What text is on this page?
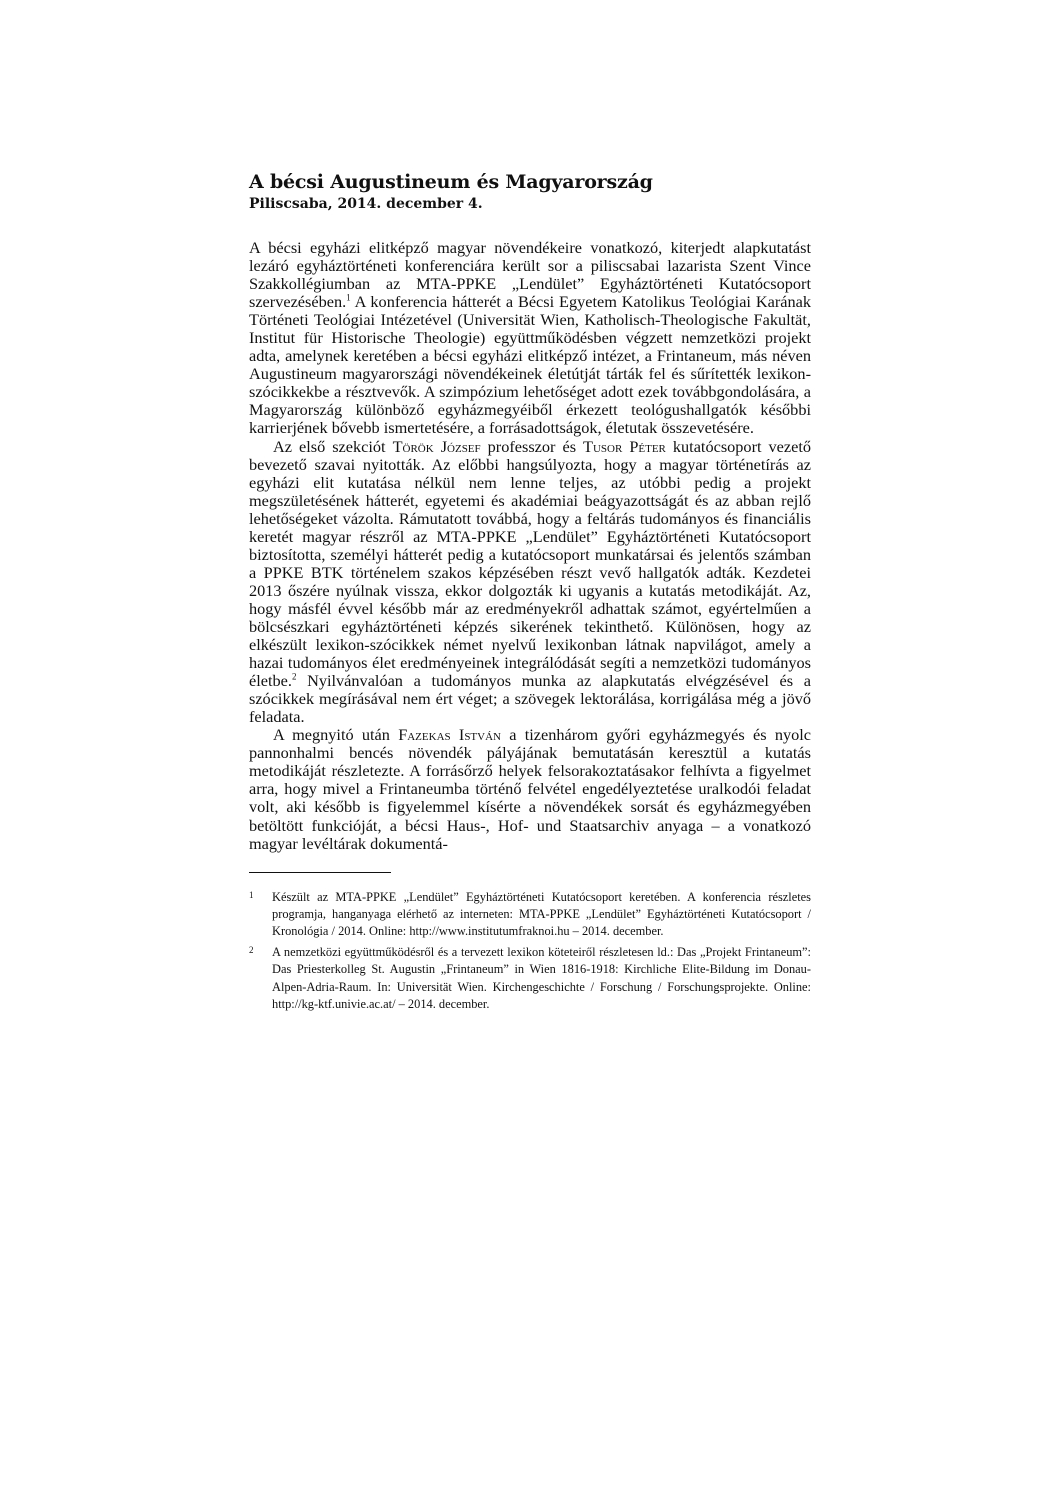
A bécsi Augustineum és Magyarország
Piliscsaba, 2014. december 4.

A bécsi egyházi elitképző magyar növendékeire vonatkozó, kiterjedt alapkutatást lezáró egyháztörténeti konferenciára került sor a piliscsabai lazarista Szent Vince Szakkollégiumban az MTA-PPKE „Lendület” Egyháztörténeti Kutatócsoport szervezésében.$^1$ A konferencia hátterét a Bécsi Egyetem Katolikus Teológiai Karának Történeti Teológiai Intézetével (Universität Wien, Katholisch-Theologische Fakultät, Institut für Historische Theologie) együttműködésben végzett nemzetközi projekt adta, amelynek keretében a bécsi egyházi elitképző intézet, a Frintaneum, más néven Augustineum magyarországi növendékeinek életútját tárták fel és sűrítették lexikon-szócikkekbe a résztvevők. A szimpózium lehetőséget adott ezek továbbgondolására, a Magyarország különböző egyházmegyéiből érkezett teológushallgatók későbbi karrierjének bővebb ismertetésére, a forrásadottságok, életutak összevetésére.

Az első szekciót Török József professzor és Tusor Péter kutatócsoport vezető bevezető szavai nyitották. Az előbbi hangsúlyozta, hogy a magyar történetírás az egyházi elit kutatása nélkül nem lenne teljes, az utóbbi pedig a projekt megszületésének hátterét, egyetemi és akadémiai beágyazottságát és az abban rejlő lehetőségeket vázolta. Rámutatott továbbá, hogy a feltárás tudományos és financiális keretét magyar részről az MTA-PPKE „Lendület” Egyháztörténeti Kutatócsoport biztosította, személyi hátterét pedig a kutatócsoport munkatársai és jelentős számban a PPKE BTK történelem szakos képzésében részt vevő hallgatók adták. Kezdetei 2013 őszére nyúlnak vissza, ekkor dolgozták ki ugyanis a kutatás metodikáját. Az, hogy másfél évvel később már az eredményekről adhattak számot, egyértelműen a bölcsészkari egyháztörténeti képzés sikerének tekinthető. Különösen, hogy az elkészült lexikon-szócikkek német nyelvű lexikonban látnak napvilágot, amely a hazai tudományos élet eredményeinek integrálódását segíti a nemzetközi tudományos életbe.$^2$ Nyilvánvalóan a tudományos munka az alapkutatás elvégzésével és a szócikkek megírásával nem ért véget; a szövegek lektorálása, korrigálása még a jövő feladata.

A megnyitó után Fazekas István a tizenhárom győri egyházmegyés és nyolc pannonhalmi bencés növendék pályájának bemutatásán keresztül a kutatás metodikáját részletezte. A forrásőrző helyek felsorakoztatásakor felhívta a figyelmet arra, hogy mivel a Frintaneumba történő felvétel engedélyeztetése uralkodói feladat volt, aki később is figyelemmel kísérte a növendékek sorsát és egyházmegyében betöltött funkcióját, a bécsi Haus-, Hof- und Staatsarchiv anyaga – a vonatkozó magyar levéltárak dokumentá-

1 Készült az MTA-PPKE „Lendület” Egyháztörténeti Kutatócsoport keretében. A konferencia részletes programja, hanganyaga elérhető az interneten: MTA-PPKE „Lendület” Egyháztörténeti Kutatócsoport / Kronológia / 2014. Online: http://www.institutumfraknoi.hu – 2014. december.
2 A nemzetközi együttműködésről és a tervezett lexikon köteteiről részletesen ld.: Das „Projekt Frintaneum”: Das Priesterkolleg St. Augustin „Frintaneum” in Wien 1816-1918: Kirchliche Elite-Bildung im Donau-Alpen-Adria-Raum. In: Universität Wien. Kirchengeschichte / Forschung / Forschungsprojekte. Online: http://kg-ktf.univie.ac.at/ – 2014. december.
